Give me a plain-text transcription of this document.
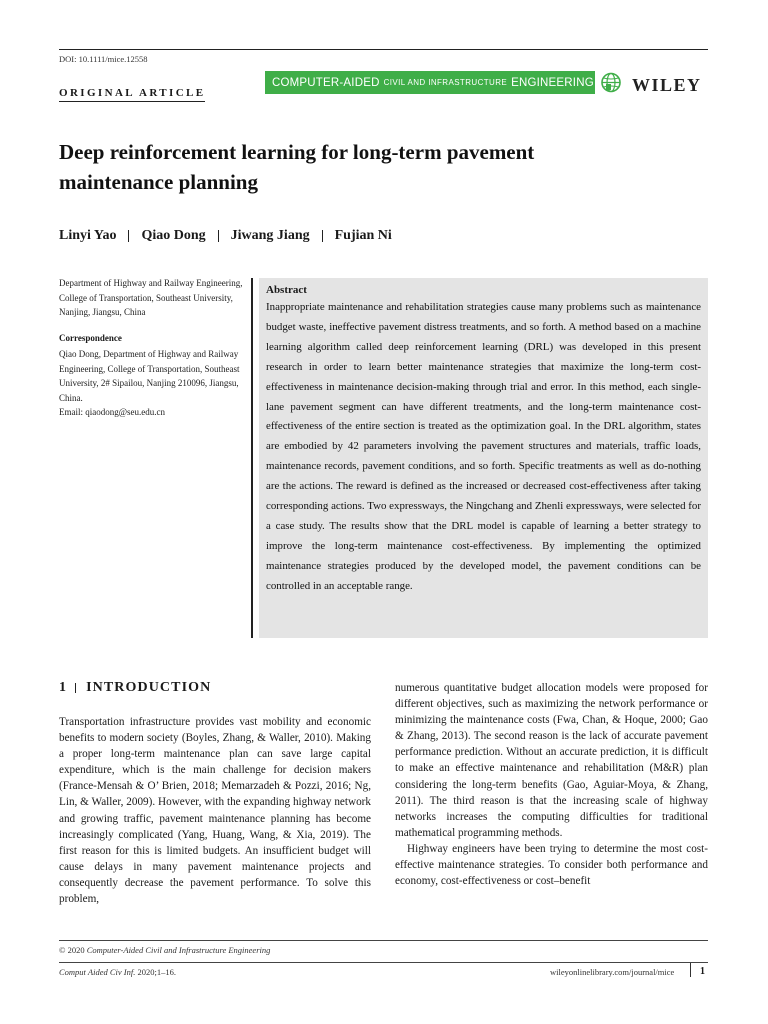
DOI: 10.1111/mice.12558
ORIGINAL ARTICLE
COMPUTER-AIDED CIVIL AND INFRASTRUCTURE ENGINEERING WILEY
Deep reinforcement learning for long-term pavement maintenance planning
Linyi Yao Qiao Dong Jiwang Jiang Fujian Ni
Department of Highway and Railway Engineering, College of Transportation, Southeast University, Nanjing, Jiangsu, China
Correspondence
Qiao Dong, Department of Highway and Railway Engineering, College of Transportation, Southeast University, 2# Sipailou, Nanjing 210096, Jiangsu, China.
Email: qiaodong@seu.edu.cn
Abstract
Inappropriate maintenance and rehabilitation strategies cause many problems such as maintenance budget waste, ineffective pavement distress treatments, and so forth. A method based on a machine learning algorithm called deep reinforcement learning (DRL) was developed in this present research in order to learn better maintenance strategies that maximize the long-term cost-effectiveness in maintenance decision-making through trial and error. In this method, each single-lane pavement segment can have different treatments, and the long-term maintenance cost-effectiveness of the entire section is treated as the optimization goal. In the DRL algorithm, states are embodied by 42 parameters involving the pavement structures and materials, traffic loads, maintenance records, pavement conditions, and so forth. Specific treatments as well as do-nothing are the actions. The reward is defined as the increased or decreased cost-effectiveness after taking corresponding actions. Two expressways, the Ningchang and Zhenli expressways, were selected for a case study. The results show that the DRL model is capable of learning a better strategy to improve the long-term maintenance cost-effectiveness. By implementing the optimized maintenance strategies produced by the developed model, the pavement conditions can be controlled in an acceptable range.
1 INTRODUCTION

Transportation infrastructure provides vast mobility and economic benefits to modern society (Boyles, Zhang, & Waller, 2010). Making a proper long-term maintenance plan can save large capital expenditure, which is the main challenge for decision makers (France-Mensah & O’ Brien, 2018; Memarzadeh & Pozzi, 2016; Ng, Lin, & Waller, 2009). However, with the expanding highway network and growing traffic, pavement maintenance planning has become increasingly complicated (Yang, Huang, Wang, & Xia, 2019). The first reason for this is limited budgets. An insufficient budget will cause delays in many pavement maintenance projects and consequently decrease the pavement performance. To solve this problem,

numerous quantitative budget allocation models were proposed for different objectives, such as maximizing the network performance or minimizing the maintenance costs (Fwa, Chan, & Hoque, 2000; Gao & Zhang, 2013). The second reason is the lack of accurate pavement performance prediction. Without an accurate prediction, it is difficult to make an effective maintenance and rehabilitation (M&R) plan considering the long-term benefits (Gao, Aguiar-Moya, & Zhang, 2011). The third reason is that the increasing scale of highway networks increases the computing difficulties for traditional mathematical programming methods.

Highway engineers have been trying to determine the most cost-effective maintenance strategies. To consider both performance and economy, cost-effectiveness or cost–benefit

© 2020 Computer-Aided Civil and Infrastructure Engineering
Comput Aided Civ Inf. 2020;1–16.	wileyonlinelibrary.com/journal/mice	1
